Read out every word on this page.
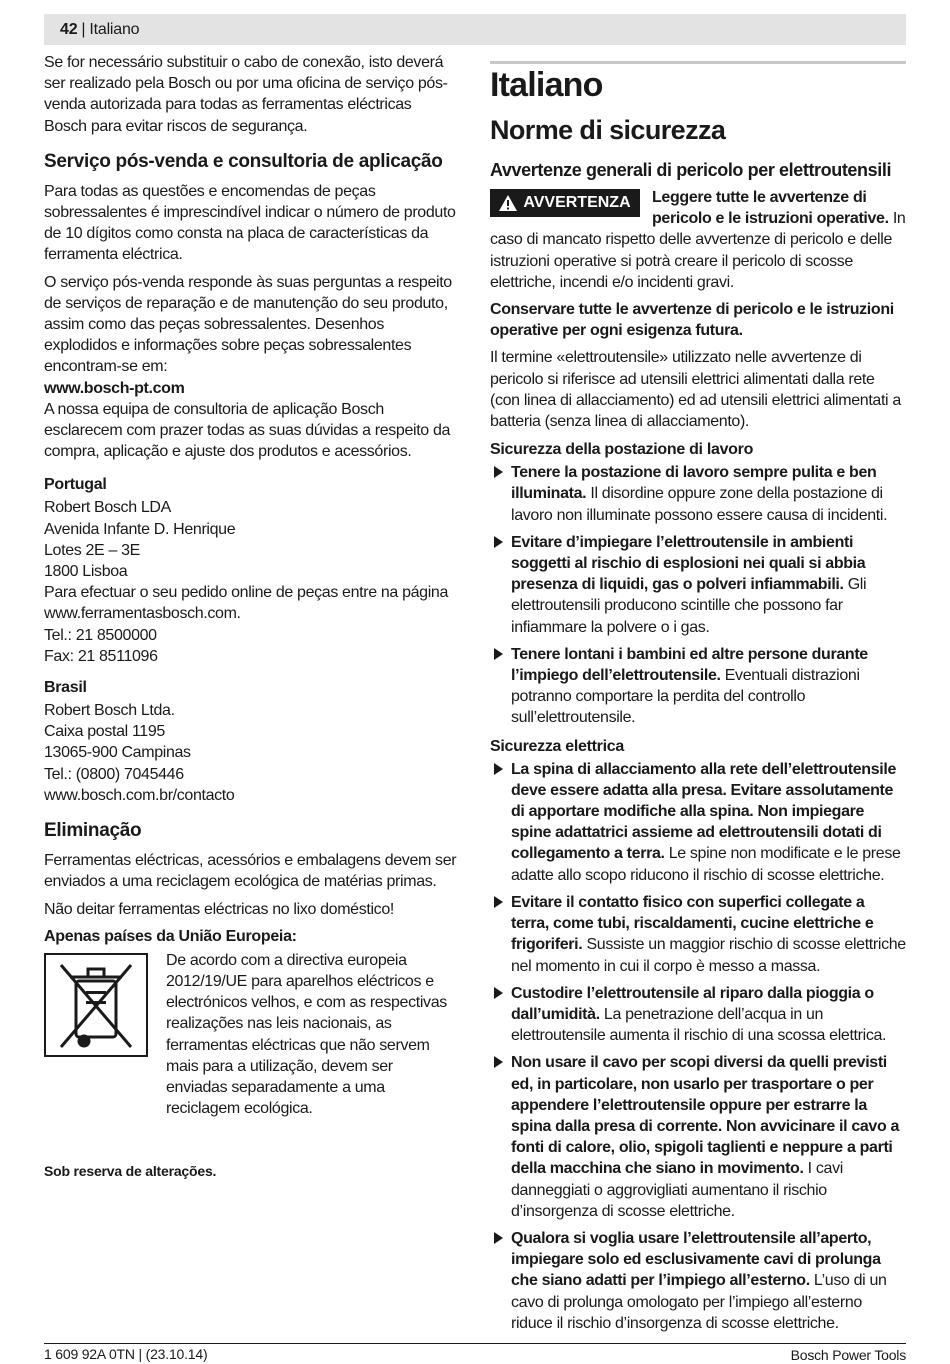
42 | Italiano

Se for necessário substituir o cabo de conexão, isto deverá ser realizado pela Bosch ou por uma oficina de serviço pós-venda autorizada para todas as ferramentas eléctricas Bosch para evitar riscos de segurança.

Serviço pós-venda e consultoria de aplicação

Para todas as questões e encomendas de peças sobressalentes é imprescindível indicar o número de produto de 10 dígitos como consta na placa de características da ferramenta eléctrica.

O serviço pós-venda responde às suas perguntas a respeito de serviços de reparação e de manutenção do seu produto, assim como das peças sobressalentes. Desenhos explodidos e informações sobre peças sobressalentes encontram-se em:

www.bosch-pt.com

A nossa equipa de consultoria de aplicação Bosch esclarecem com prazer todas as suas dúvidas a respeito da compra, aplicação e ajuste dos produtos e acessórios.

Portugal

Robert Bosch LDA

Avenida Infante D. Henrique

Lotes 2E – 3E

1800 Lisboa

Para efectuar o seu pedido online de peças entre na página www.ferramentasbosch.com.

Tel.: 21 8500000

Fax: 21 8511096

Brasil

Robert Bosch Ltda.

Caixa postal 1195

13065-900 Campinas

Tel.: (0800) 7045446

www.bosch.com.br/contacto

Eliminação

Ferramentas eléctricas, acessórios e embalagens devem ser enviados a uma reciclagem ecológica de matérias primas.

Não deitar ferramentas eléctricas no lixo doméstico!

Apenas países da União Europeia:

De acordo com a directiva europeia 2012/19/UE para aparelhos eléctricos e electrónicos velhos, e com as respectivas realizações nas leis nacionais, as ferramentas eléctricas que não servem mais para a utilização, devem ser enviadas separadamente a uma reciclagem ecológica.

Sob reserva de alterações.

Italiano
Norme di sicurezza
Avvertenze generali di pericolo per elettroutensili
AVVERTENZA	Leggere tutte le avvertenze di pericolo e le istruzioni operative. In caso di mancato rispetto delle avvertenze di pericolo e delle istruzioni operative si potrà creare il pericolo di scosse elettriche, incendi e/o incidenti gravi.

Conservare tutte le avvertenze di pericolo e le istruzioni operative per ogni esigenza futura.

Il termine «elettroutensile» utilizzato nelle avvertenze di pericolo si riferisce ad utensili elettrici alimentati dalla rete (con linea di allacciamento) ed ad utensili elettrici alimentati a batteria (senza linea di allacciamento).

Sicurezza della postazione di lavoro
Tenere la postazione di lavoro sempre pulita e ben illuminata. Il disordine oppure zone della postazione di lavoro non illuminate possono essere causa di incidenti.
Evitare d’impiegare l’elettroutensile in ambienti soggetti al rischio di esplosioni nei quali si abbia presenza di liquidi, gas o polveri infiammabili. Gli elettroutensili producono scintille che possono far infiammare la polvere o i gas.
Tenere lontani i bambini ed altre persone durante l’impiego dell’elettroutensile. Eventuali distrazioni potranno comportare la perdita del controllo sull’elettroutensile.
Sicurezza elettrica
La spina di allacciamento alla rete dell’elettroutensile deve essere adatta alla presa. Evitare assolutamente di apportare modifiche alla spina. Non impiegare spine adattatrici assieme ad elettroutensili dotati di collegamento a terra. Le spine non modificate e le prese adatte allo scopo riducono il rischio di scosse elettriche.
Evitare il contatto fisico con superfici collegate a terra, come tubi, riscaldamenti, cucine elettriche e frigoriferi. Sussiste un maggior rischio di scosse elettriche nel momento in cui il corpo è messo a massa.
Custodire l’elettroutensile al riparo dalla pioggia o dall’umidità. La penetrazione dell’acqua in un elettroutensile aumenta il rischio di una scossa elettrica.
Non usare il cavo per scopi diversi da quelli previsti ed, in particolare, non usarlo per trasportare o per appendere l’elettroutensile oppure per estrarre la spina dalla presa di corrente. Non avvicinare il cavo a fonti di calore, olio, spigoli taglienti e neppure a parti della macchina che siano in movimento. I cavi danneggiati o aggrovigliati aumentano il rischio d’insorgenza di scosse elettriche.
Qualora si voglia usare l’elettroutensile all’aperto, impiegare solo ed esclusivamente cavi di prolunga che siano adatti per l’impiego all’esterno. L’uso di un cavo di prolunga omologato per l’impiego all’esterno riduce il rischio d’insorgenza di scosse elettriche.
1 609 92A 0TN | (23.10.14)	Bosch Power Tools
